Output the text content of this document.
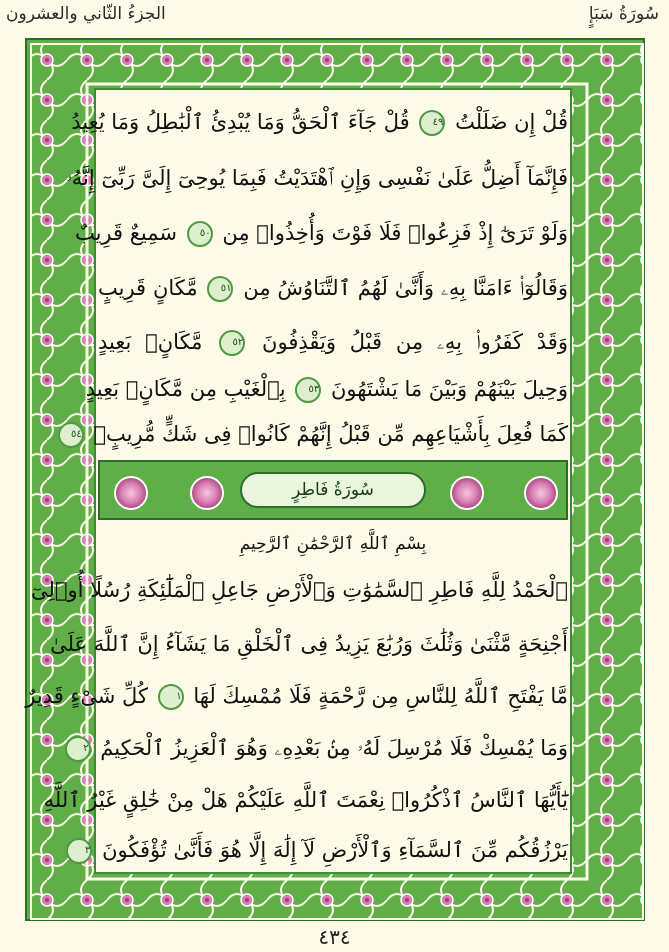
الجزءُ الثّاني والعشرون	سُورَةُ سَبَإٍ
قُلْ إِن ضَلَلْتُ ٤٩ قُلْ جَآءَ ٱلْحَقُّ وَمَا يُبْدِئُ ٱلْبَٰطِلُ وَمَا يُعِيدُ
فَإِنَّمَآ أَضِلُّ عَلَىٰ نَفْسِى وَإِنِ ٱهْتَدَيْتُ فَبِمَا يُوحِىٓ إِلَىَّ رَبِّىٓ إِنَّهُۥ
وَلَوْ تَرَىٰٓ إِذْ فَزِعُوا۟ فَلَا فَوْتَ وَأُخِذُوا۟ مِن ٥٠ سَمِيعٌ قَرِيبٌ
وَقَالُوٓا۟ ءَامَنَّا بِهِۦ وَأَنَّىٰ لَهُمُ ٱلتَّنَاوُشُ مِن ٥١ مَّكَانٍ قَرِيبٍ
وَقَدْ كَفَرُوا۟ بِهِۦ مِن قَبْلُ وَيَقْذِفُونَ ٥٢ مَّكَانٍۭ بَعِيدٍ
وَحِيلَ بَيْنَهُمْ وَبَيْنَ مَا يَشْتَهُونَ ٥٣ بِٱلْغَيْبِ مِن مَّكَانٍۭ بَعِيدٍ
كَمَا فُعِلَ بِأَشْيَاعِهِم مِّن قَبْلُ إِنَّهُمْ كَانُوا۟ فِى شَكٍّ مُّرِيبٍۭ ٥٤
سُورَةُ فَاطِرٍ
بِسْمِ ٱللَّهِ ٱلرَّحْمَٰنِ ٱلرَّحِيمِ
ٱلْحَمْدُ لِلَّهِ فَاطِرِ ٱلسَّمَٰوَٰتِ وَٱلْأَرْضِ جَاعِلِ ٱلْمَلَٰٓئِكَةِ رُسُلًا أُو۟لِىٓ
أَجْنِحَةٍ مَّثْنَىٰ وَثُلَٰثَ وَرُبَٰعَ يَزِيدُ فِى ٱلْخَلْقِ مَا يَشَآءُ إِنَّ ٱللَّهَ عَلَىٰ
مَّا يَفْتَحِ ٱللَّهُ لِلنَّاسِ مِن رَّحْمَةٍ فَلَا مُمْسِكَ لَهَا ١ كُلِّ شَىْءٍ قَدِيرٌ
وَمَا يُمْسِكْ فَلَا مُرْسِلَ لَهُۥ مِنۢ بَعْدِهِۦ وَهُوَ ٱلْعَزِيزُ ٱلْحَكِيمُ ٢
يَٰٓأَيُّهَا ٱلنَّاسُ ٱذْكُرُوا۟ نِعْمَتَ ٱللَّهِ عَلَيْكُمْ هَلْ مِنْ خَٰلِقٍ غَيْرُ ٱللَّهِ
يَرْزُقُكُم مِّنَ ٱلسَّمَآءِ وَٱلْأَرْضِ لَآ إِلَٰهَ إِلَّا هُوَ فَأَنَّىٰ تُؤْفَكُونَ ٣
٤٣٤
